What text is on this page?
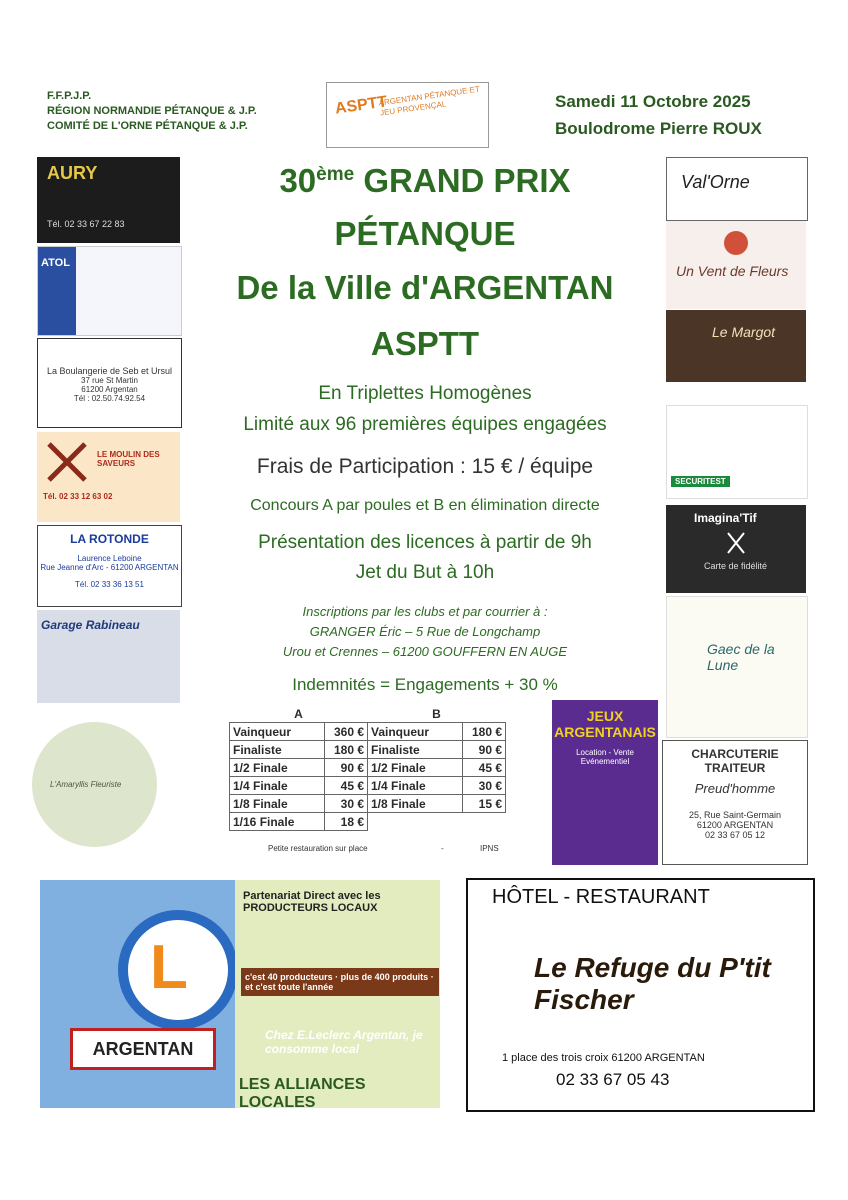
F.F.P.J.P.
RÉGION NORMANDIE PÉTANQUE & J.P.
COMITÉ DE L'ORNE PÉTANQUE & J.P.
ASPTT
ARGENTAN PÉTANQUE ET JEU PROVENÇAL	Samedi 11 Octobre 2025
Boulodrome Pierre ROUX
30ème GRAND PRIX
PÉTANQUE
De la Ville d'ARGENTAN
ASPTT
En Triplettes Homogènes
Limité aux 96 premières équipes engagées
Frais de Participation : 15 € / équipe
Concours A par poules et B en élimination directe
Présentation des licences à partir de 9h
Jet du But à 10h
Inscriptions par les clubs et par courrier à :
GRANGER Éric – 5 Rue de Longchamp
Urou et Crennes – 61200 GOUFFERN EN AUGE
Indemnités = Engagements + 30 %
A		B	
Vainqueur	360 €	Vainqueur	180 €
Finaliste	180 €	Finaliste	90 €
1/2 Finale	90 €	1/2 Finale	45 €
1/4 Finale	45 €	1/4 Finale	30 €
1/8 Finale	30 €	1/8 Finale	15 €
1/16 Finale	18 €		
Petite restauration sur place	-	IPNS
AURY
Tél. 02 33 67 22 83
ATOL
La Boulangerie de Seb et Ursul
37 rue St Martin
61200 Argentan
Tél : 02.50.74.92.54
LE MOULIN DES SAVEURS
Tél. 02 33 12 63 02
LA ROTONDE
Laurence Leboine
Rue Jeanne d'Arc - 61200 ARGENTAN
Tél. 02 33 36 13 51
Garage Rabineau
L'Amaryllis Fleuriste
Val'Orne
Un Vent de Fleurs
Le Margot
SECURITEST
Imagina'Tif
Carte de fidélité
Gaec de la Lune
CHARCUTERIE TRAITEUR
Preud'homme
25, Rue Saint-Germain
61200 ARGENTAN
02 33 67 05 12
JEUX ARGENTANAIS
Location - Vente
Evénementiel
L
ARGENTAN
Partenariat Direct avec les PRODUCTEURS LOCAUX
c'est 40 producteurs · plus de 400 produits · et c'est toute l'année
Chez E.Leclerc Argentan, je consomme local
LES ALLIANCES LOCALES
HÔTEL - RESTAURANT
Le Refuge du P'tit Fischer
1 place des trois croix 61200 ARGENTAN
02 33 67 05 43
